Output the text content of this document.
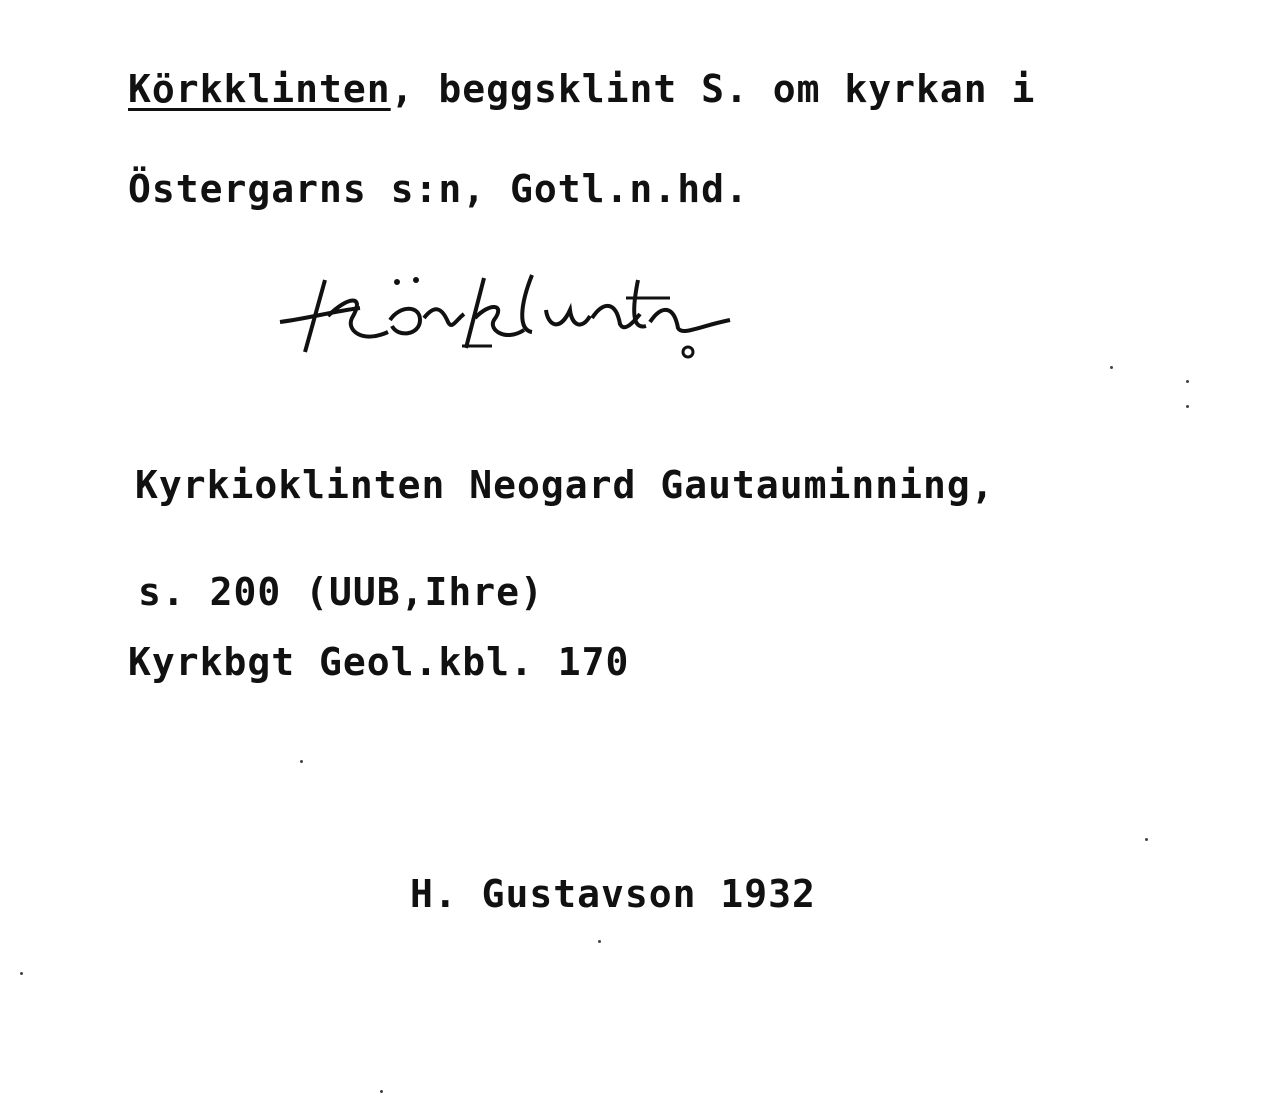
Körkklinten, beggsklint S. om kyrkan i
Östergarns s:n, Gotl.n.hd.
Kyrkioklinten Neogard Gautauminning,
s. 200 (UUB,Ihre)
Kyrkbgt Geol.kbl. 170
H. Gustavson 1932
